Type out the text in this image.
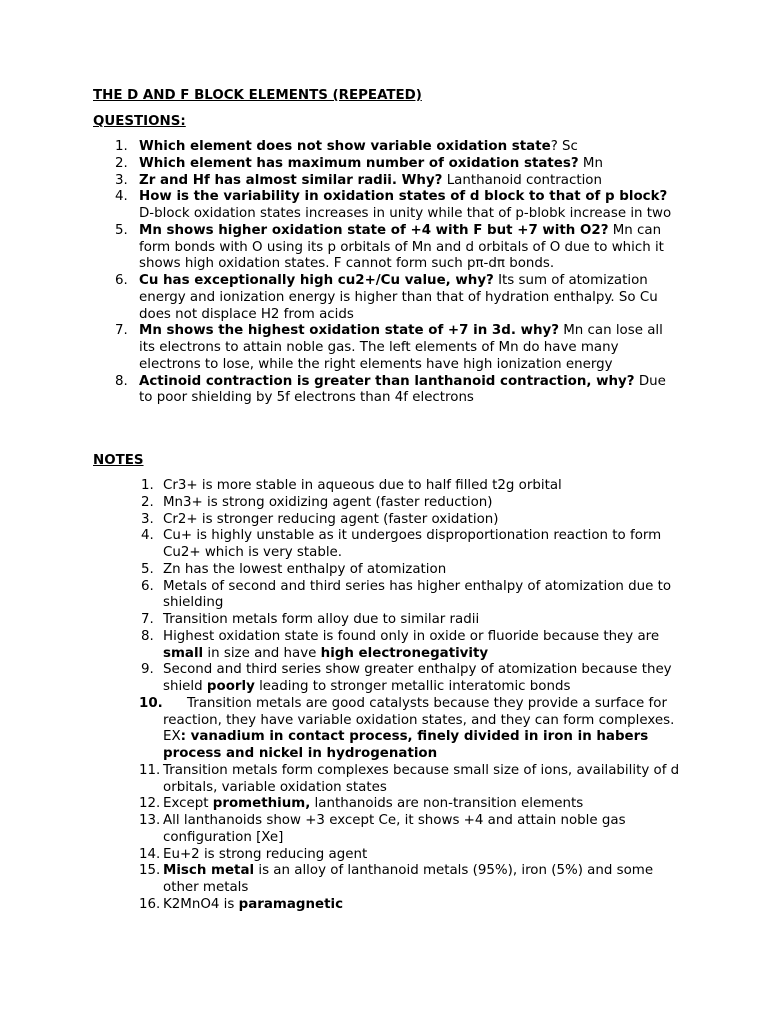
THE D AND F BLOCK ELEMENTS (REPEATED)
QUESTIONS:
1. Which element does not show variable oxidation state? Sc
2. Which element has maximum number of oxidation states? Mn
3. Zr and Hf has almost similar radii. Why? Lanthanoid contraction
4. How is the variability in oxidation states of d block to that of p block? D-block oxidation states increases in unity while that of p-blobk increase in two
5. Mn shows higher oxidation state of +4 with F but +7 with O2? Mn can form bonds with O using its p orbitals of Mn and d orbitals of O due to which it shows high oxidation states. F cannot form such pπ-dπ bonds.
6. Cu has exceptionally high cu2+/Cu value, why? Its sum of atomization energy and ionization energy is higher than that of hydration enthalpy. So Cu does not displace H2 from acids
7. Mn shows the highest oxidation state of +7 in 3d. why? Mn can lose all its electrons to attain noble gas. The left elements of Mn do have many electrons to lose, while the right elements have high ionization energy
8. Actinoid contraction is greater than lanthanoid contraction, why? Due to poor shielding by 5f electrons than 4f electrons
NOTES
1. Cr3+ is more stable in aqueous due to half filled t2g orbital
2. Mn3+ is strong oxidizing agent (faster reduction)
3. Cr2+ is stronger reducing agent (faster oxidation)
4. Cu+ is highly unstable as it undergoes disproportionation reaction to form Cu2+ which is very stable.
5. Zn has the lowest enthalpy of atomization
6. Metals of second and third series has higher enthalpy of atomization due to shielding
7. Transition metals form alloy due to similar radii
8. Highest oxidation state is found only in oxide or fluoride because they are small in size and have high electronegativity
9. Second and third series show greater enthalpy of atomization because they shield poorly leading to stronger metallic interatomic bonds
10.	Transition metals are good catalysts because they provide a surface for reaction, they have variable oxidation states, and they can form complexes. EX: vanadium in contact process, finely divided in iron in habers process and nickel in hydrogenation
11. Transition metals form complexes because small size of ions, availability of d orbitals, variable oxidation states
12. Except promethium, lanthanoids are non-transition elements
13. All lanthanoids show +3 except Ce, it shows +4 and attain noble gas configuration [Xe]
14. Eu+2 is strong reducing agent
15. Misch metal is an alloy of lanthanoid metals (95%), iron (5%) and some other metals
16. K2MnO4 is paramagnetic
